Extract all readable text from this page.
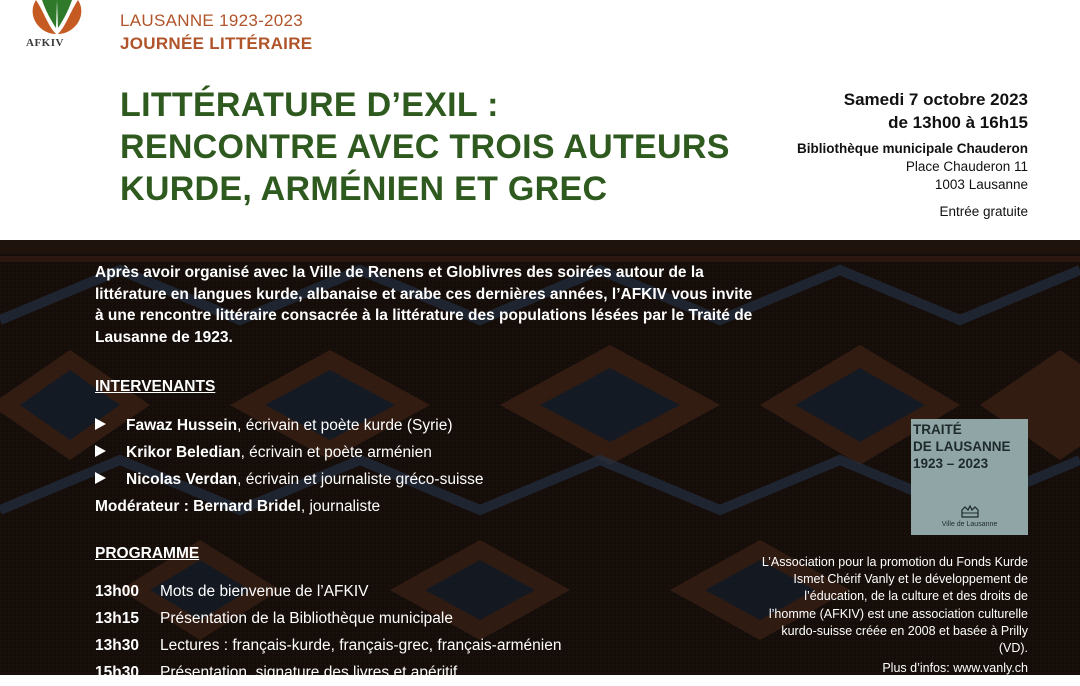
AFKIV
LAUSANNE 1923-2023
JOURNÉE LITTÉRAIRE
LITTÉRATURE D’EXIL :
RENCONTRE AVEC TROIS AUTEURS
KURDE, ARMÉNIEN ET GREC
Samedi 7 octobre 2023
de 13h00 à 16h15
Bibliothèque municipale Chauderon
Place Chauderon 11
1003 Lausanne
Entrée gratuite
Après avoir organisé avec la Ville de Renens et Globlivres des soirées autour de la littérature en langues kurde, albanaise et arabe ces dernières années, l’AFKIV vous invite à une rencontre littéraire consacrée à la littérature des populations lésées par le Traité de Lausanne de 1923.
INTERVENANTS
Fawaz Hussein, écrivain et poète kurde (Syrie)
Krikor Beledian, écrivain et poète arménien
Nicolas Verdan, écrivain et journaliste gréco-suisse
Modérateur : Bernard Bridel, journaliste
PROGRAMME
13h00 Mots de bienvenue de l’AFKIV
13h15 Présentation de la Bibliothèque municipale
13h30 Lectures : français-kurde, français-grec, français-arménien
15h30 Présentation, signature des livres et apéritif
TRAITÉ
DE LAUSANNE
1923 – 2023
Ville de Lausanne
L’Association pour la promotion du Fonds Kurde Ismet Chérif Vanly et le développement de l’éducation, de la culture et des droits de l’homme (AFKIV) est une association culturelle kurdo-suisse créée en 2008 et basée à Prilly (VD).
Plus d’infos: www.vanly.ch
